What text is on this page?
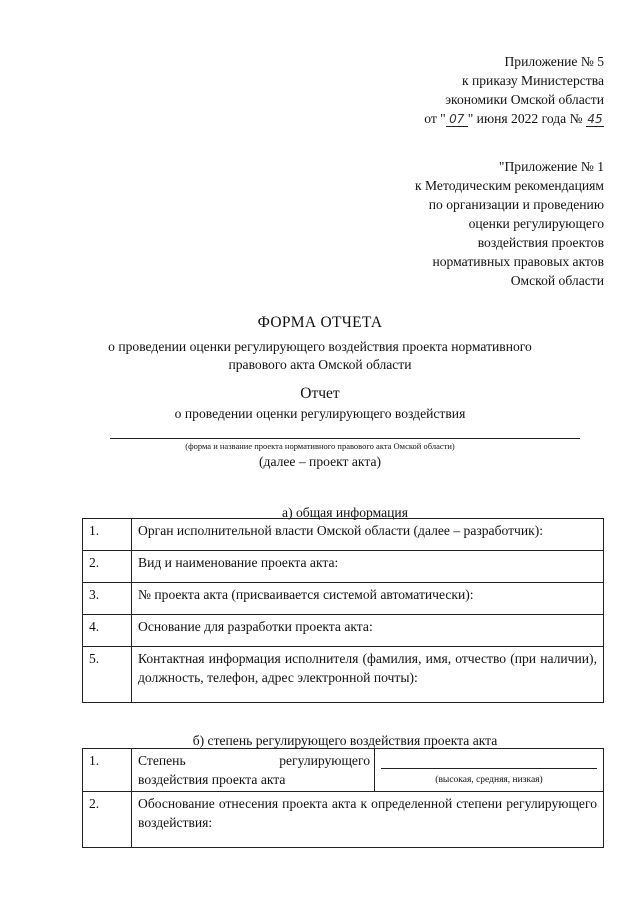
Приложение № 5
к приказу Министерства
экономики Омской области
от " 07 " июня 2022 года № 45
"Приложение № 1
к Методическим рекомендациям
по организации и проведению
оценки регулирующего
воздействия проектов
нормативных правовых актов
Омской области
ФОРМА ОТЧЕТА
о проведении оценки регулирующего воздействия проекта нормативного
правового акта Омской области
Отчет
о проведении оценки регулирующего воздействия
(форма и название проекта нормативного правового акта Омской области)
(далее – проект акта)
а) общая информация
1.	Орган исполнительной власти Омской области (далее – разработчик):
2.	Вид и наименование проекта акта:
3.	№ проекта акта (присваивается системой автоматически):
4.	Основание для разработки проекта акта:
5.	Контактная информация исполнителя (фамилия, имя, отчество (при наличии), должность, телефон, адрес электронной почты):
б) степень регулирующего воздействия проекта акта
1.	Степень регулирующего
воздействия проекта акта	(высокая, средняя, низкая)

2.	Обоснование отнесения проекта акта к определенной степени регулирующего воздействия:	
